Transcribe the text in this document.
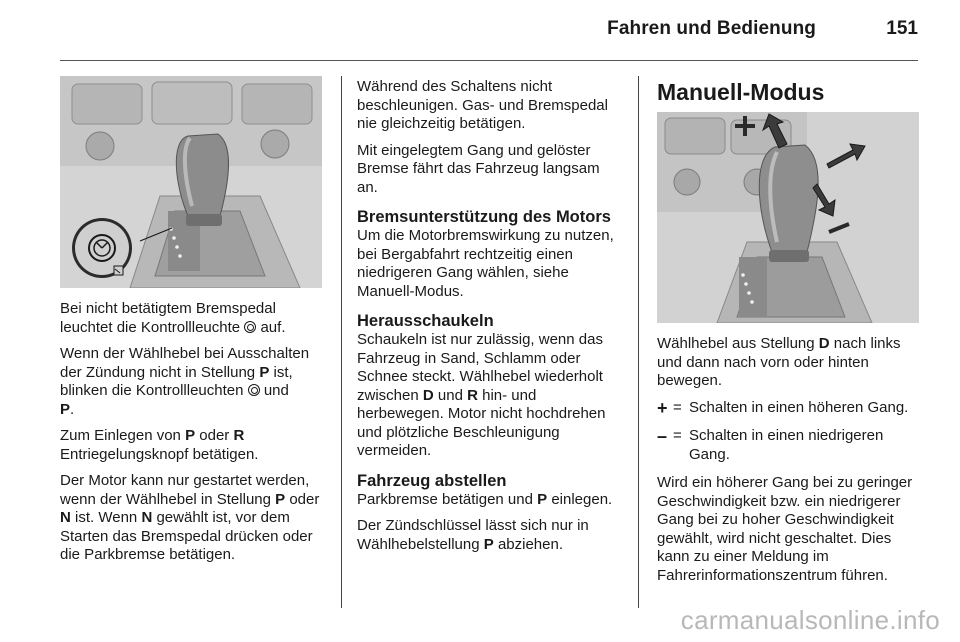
Fahren und Bedienung	151

Bei nicht betätigtem Bremspedal leuchtet die Kontrollleuchte auf.

Wenn der Wählhebel bei Ausschalten der Zündung nicht in Stellung P ist, blinken die Kontrollleuchten und
P.

Zum Einlegen von P oder R Entriegelungsknopf betätigen.

Der Motor kann nur gestartet werden, wenn der Wählhebel in Stellung P oder N ist. Wenn N gewählt ist, vor dem Starten das Bremspedal drücken oder die Parkbremse betätigen.

Während des Schaltens nicht beschleunigen. Gas- und Bremspedal nie gleichzeitig betätigen.

Mit eingelegtem Gang und gelöster Bremse fährt das Fahrzeug langsam an.

Bremsunterstützung des Motors

Um die Motorbremswirkung zu nutzen, bei Bergabfahrt rechtzeitig einen niedrigeren Gang wählen, siehe Manuell-Modus.

Herausschaukeln

Schaukeln ist nur zulässig, wenn das Fahrzeug in Sand, Schlamm oder Schnee steckt. Wählhebel wiederholt zwischen D und R hin- und herbewegen. Motor nicht hochdrehen und plötzliche Beschleunigung vermeiden.

Fahrzeug abstellen

Parkbremse betätigen und P einlegen.

Der Zündschlüssel lässt sich nur in Wählhebelstellung P abziehen.

Manuell-Modus

Wählhebel aus Stellung D nach links und dann nach vorn oder hinten bewegen.

+ = Schalten in einen höheren Gang.
– = Schalten in einen niedrigeren Gang.

Wird ein höherer Gang bei zu geringer Geschwindigkeit bzw. ein niedrigerer Gang bei zu hoher Geschwindigkeit gewählt, wird nicht geschaltet. Dies kann zu einer Meldung im Fahrerinformationszentrum führen.

carmanualsonline.info
